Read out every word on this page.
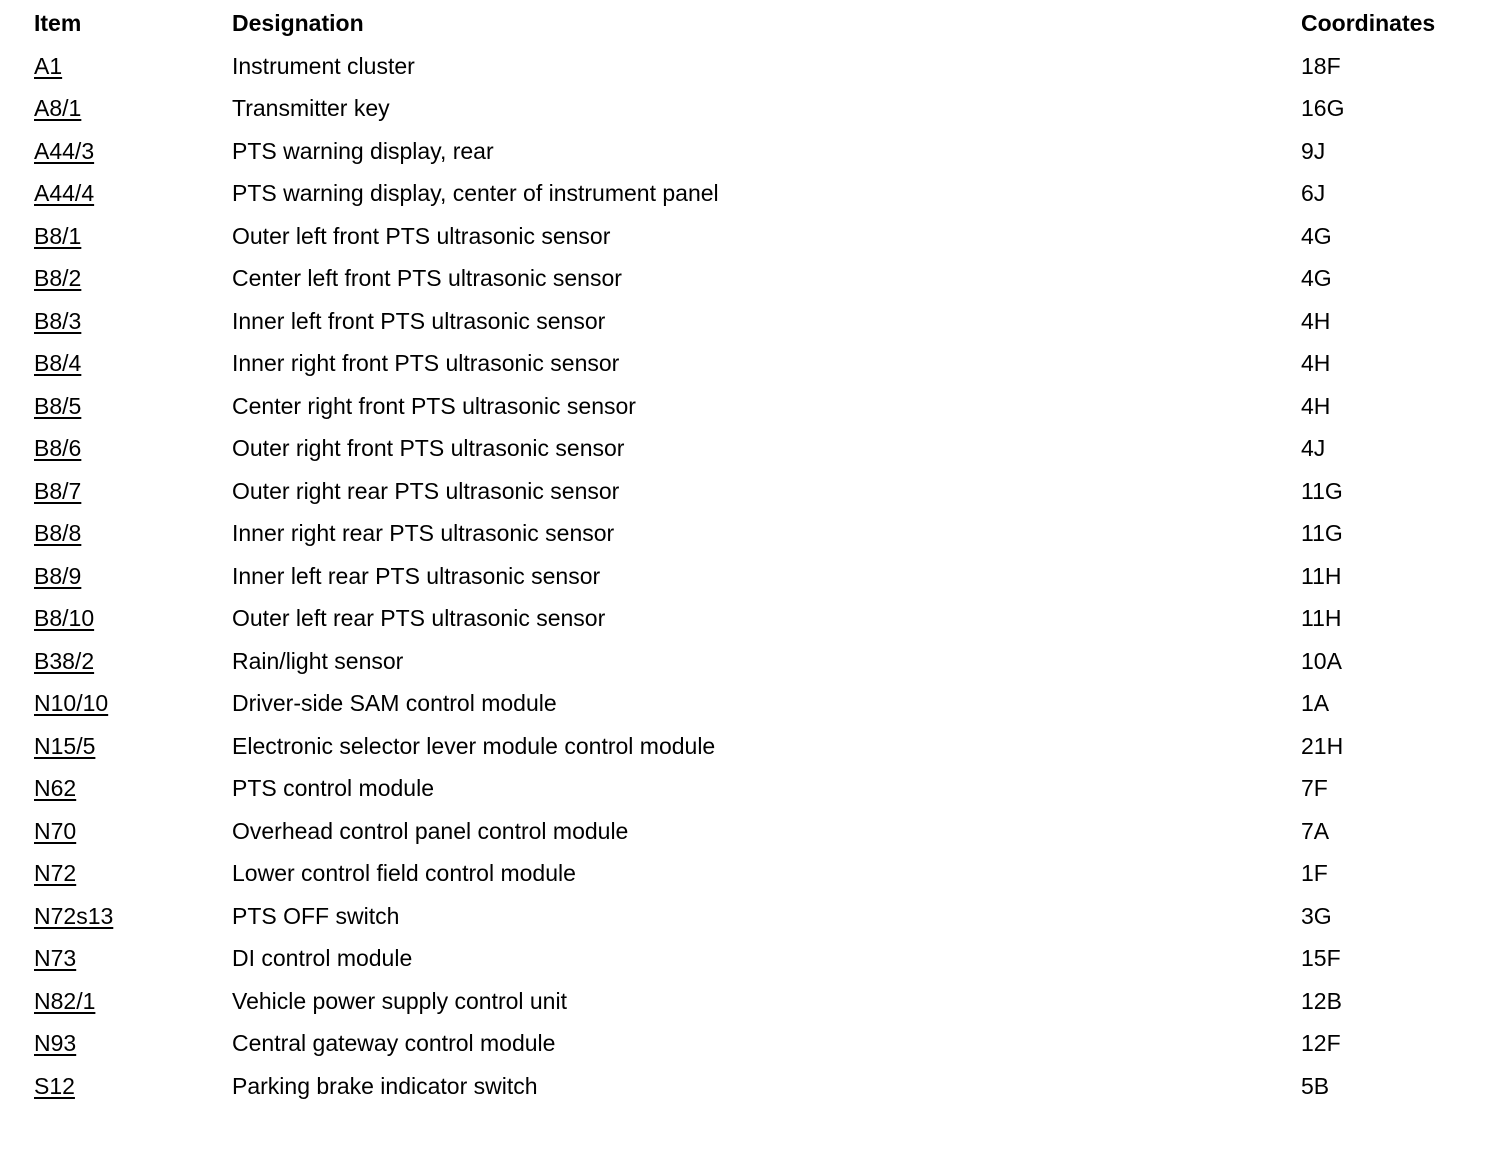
Item	Designation	Coordinates
A1	Instrument cluster	18F
A8/1	Transmitter key	16G
A44/3	PTS warning display, rear	9J
A44/4	PTS warning display, center of instrument panel	6J
B8/1	Outer left front PTS ultrasonic sensor	4G
B8/2	Center left front PTS ultrasonic sensor	4G
B8/3	Inner left front PTS ultrasonic sensor	4H
B8/4	Inner right front PTS ultrasonic sensor	4H
B8/5	Center right front PTS ultrasonic sensor	4H
B8/6	Outer right front PTS ultrasonic sensor	4J
B8/7	Outer right rear PTS ultrasonic sensor	11G
B8/8	Inner right rear PTS ultrasonic sensor	11G
B8/9	Inner left rear PTS ultrasonic sensor	11H
B8/10	Outer left rear PTS ultrasonic sensor	11H
B38/2	Rain/light sensor	10A
N10/10	Driver-side SAM control module	1A
N15/5	Electronic selector lever module control module	21H
N62	PTS control module	7F
N70	Overhead control panel control module	7A
N72	Lower control field control module	1F
N72s13	PTS OFF switch	3G
N73	DI control module	15F
N82/1	Vehicle power supply control unit	12B
N93	Central gateway control module	12F
S12	Parking brake indicator switch	5B
